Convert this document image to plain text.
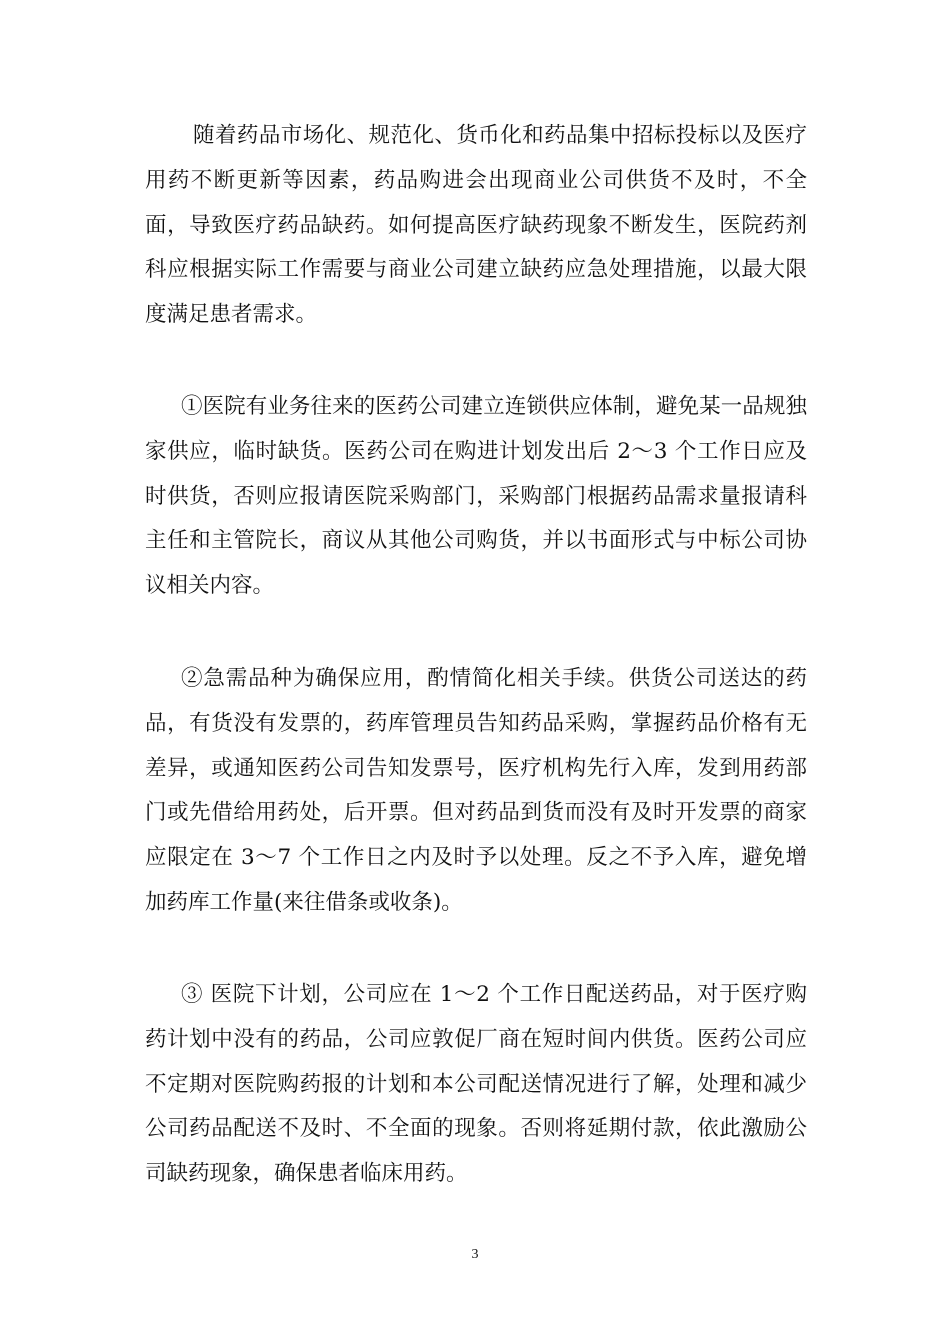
随着药品市场化、规范化、货币化和药品集中招标投标以及医疗用药不断更新等因素，药品购进会出现商业公司供货不及时，不全面，导致医疗药品缺药。如何提高医疗缺药现象不断发生，医院药剂科应根据实际工作需要与商业公司建立缺药应急处理措施，以最大限度满足患者需求。

①医院有业务往来的医药公司建立连锁供应体制，避免某一品规独家供应，临时缺货。医药公司在购进计划发出后 2～3 个工作日应及时供货，否则应报请医院采购部门，采购部门根据药品需求量报请科主任和主管院长，商议从其他公司购货，并以书面形式与中标公司协议相关内容。

②急需品种为确保应用，酌情简化相关手续。供货公司送达的药品，有货没有发票的，药库管理员告知药品采购，掌握药品价格有无差异，或通知医药公司告知发票号，医疗机构先行入库，发到用药部门或先借给用药处，后开票。但对药品到货而没有及时开发票的商家应限定在 3～7 个工作日之内及时予以处理。反之不予入库，避免增加药库工作量(来往借条或收条)。

③ 医院下计划，公司应在 1～2 个工作日配送药品，对于医疗购药计划中没有的药品，公司应敦促厂商在短时间内供货。医药公司应不定期对医院购药报的计划和本公司配送情况进行了解，处理和减少公司药品配送不及时、不全面的现象。否则将延期付款，依此激励公司缺药现象，确保患者临床用药。

3
